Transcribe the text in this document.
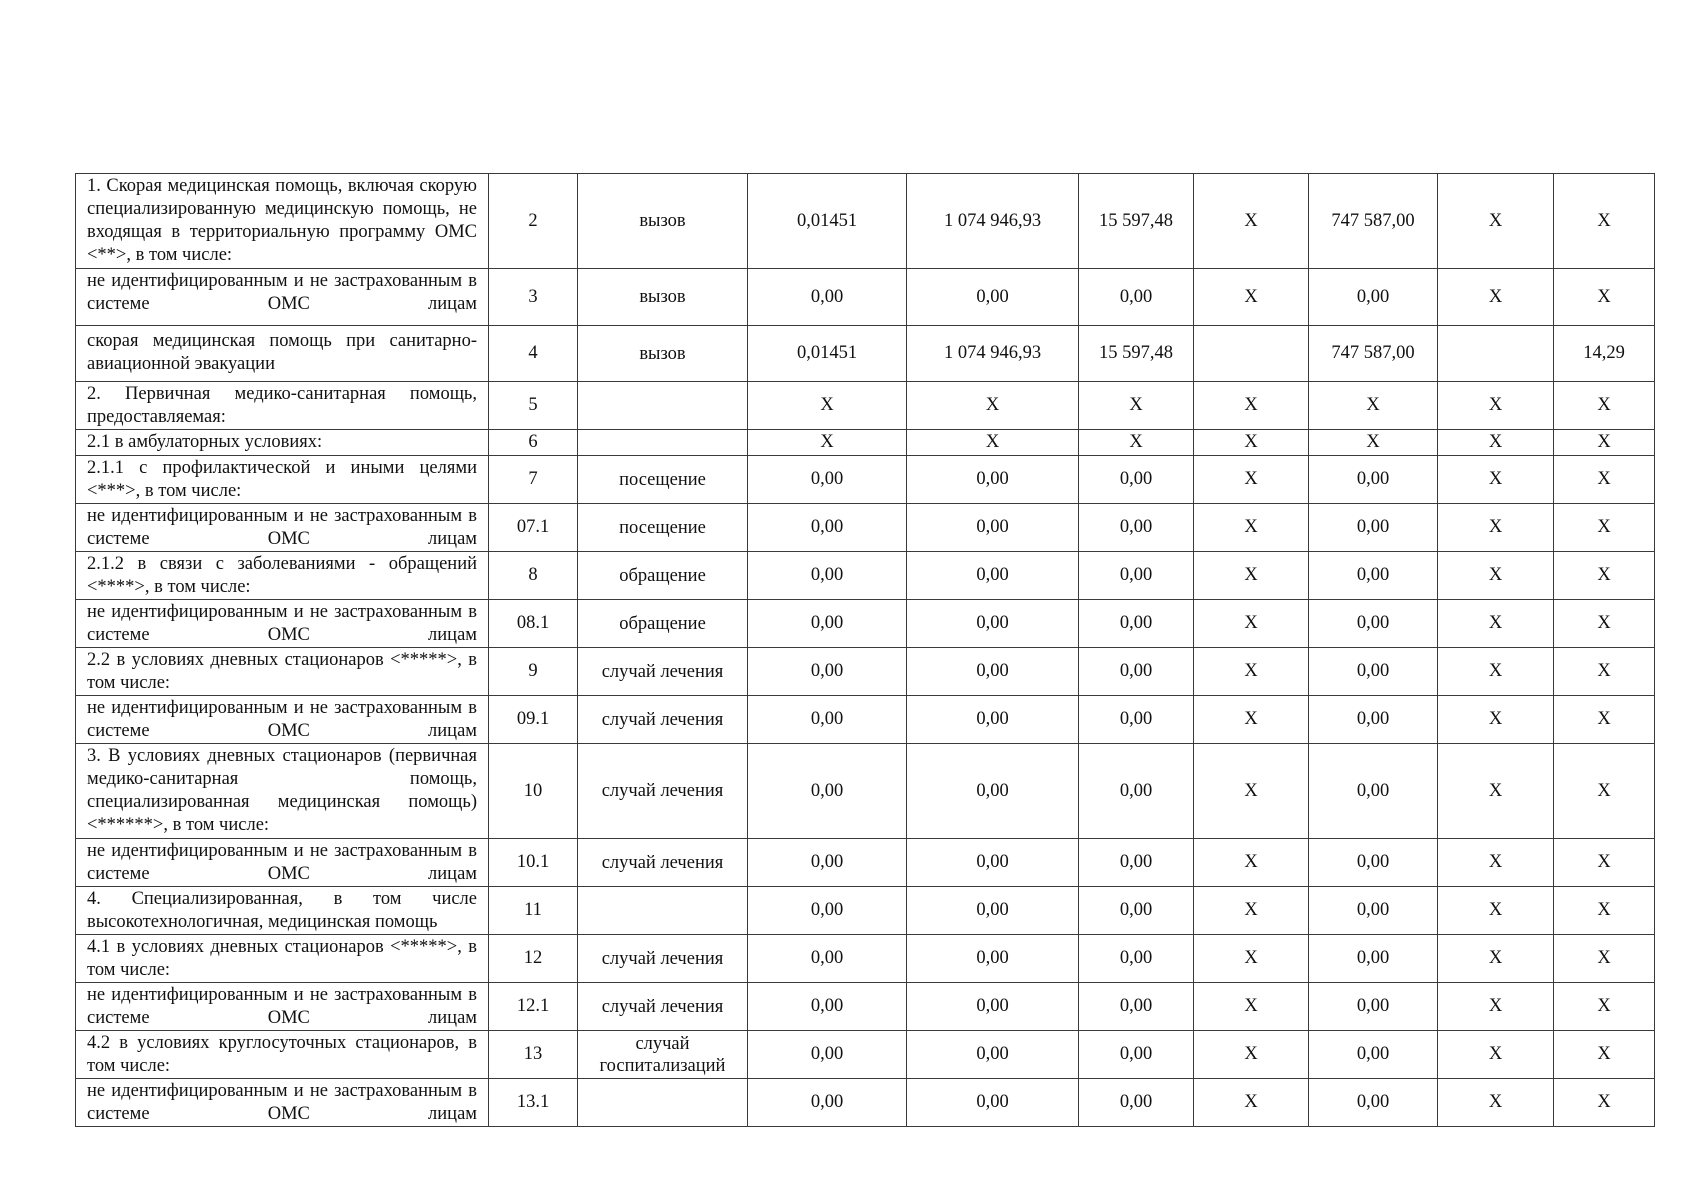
1. Скорая медицинская помощь, включая скорую специализированную медицинскую помощь, не входящая в территориальную программу ОМС <**>, в том числе:	2	вызов	0,01451	1 074 946,93	15 597,48	X	747 587,00	X	X
не идентифицированным и не застрахованным в системе ОМС лицам	3	вызов	0,00	0,00	0,00	X	0,00	X	X
скорая медицинская помощь при санитарно-авиационной эвакуации	4	вызов	0,01451	1 074 946,93	15 597,48		747 587,00		14,29
2. Первичная медико-санитарная помощь, предоставляемая:	5		X	X	X	X	X	X	X
2.1 в амбулаторных условиях:	6		X	X	X	X	X	X	X
2.1.1 с профилактической и иными целями <***>, в том числе:	7	посещение	0,00	0,00	0,00	X	0,00	X	X
не идентифицированным и не застрахованным в системе ОМС лицам	07.1	посещение	0,00	0,00	0,00	X	0,00	X	X
2.1.2 в связи с заболеваниями - обращений <****>, в том числе:	8	обращение	0,00	0,00	0,00	X	0,00	X	X
не идентифицированным и не застрахованным в системе ОМС лицам	08.1	обращение	0,00	0,00	0,00	X	0,00	X	X
2.2 в условиях дневных стационаров <*****>, в том числе:	9	случай лечения	0,00	0,00	0,00	X	0,00	X	X
не идентифицированным и не застрахованным в системе ОМС лицам	09.1	случай лечения	0,00	0,00	0,00	X	0,00	X	X
3. В условиях дневных стационаров (первичная медико-санитарная помощь, специализированная медицинская помощь) <******>, в том числе:	10	случай лечения	0,00	0,00	0,00	X	0,00	X	X
не идентифицированным и не застрахованным в системе ОМС лицам	10.1	случай лечения	0,00	0,00	0,00	X	0,00	X	X
4. Специализированная, в том числе высокотехнологичная, медицинская помощь	11		0,00	0,00	0,00	X	0,00	X	X
4.1 в условиях дневных стационаров <*****>, в том числе:	12	случай лечения	0,00	0,00	0,00	X	0,00	X	X
не идентифицированным и не застрахованным в системе ОМС лицам	12.1	случай лечения	0,00	0,00	0,00	X	0,00	X	X
4.2 в условиях круглосуточных стационаров, в том числе:	13	случай госпитализаций	0,00	0,00	0,00	X	0,00	X	X
не идентифицированным и не застрахованным в системе ОМС лицам	13.1		0,00	0,00	0,00	X	0,00	X	X
